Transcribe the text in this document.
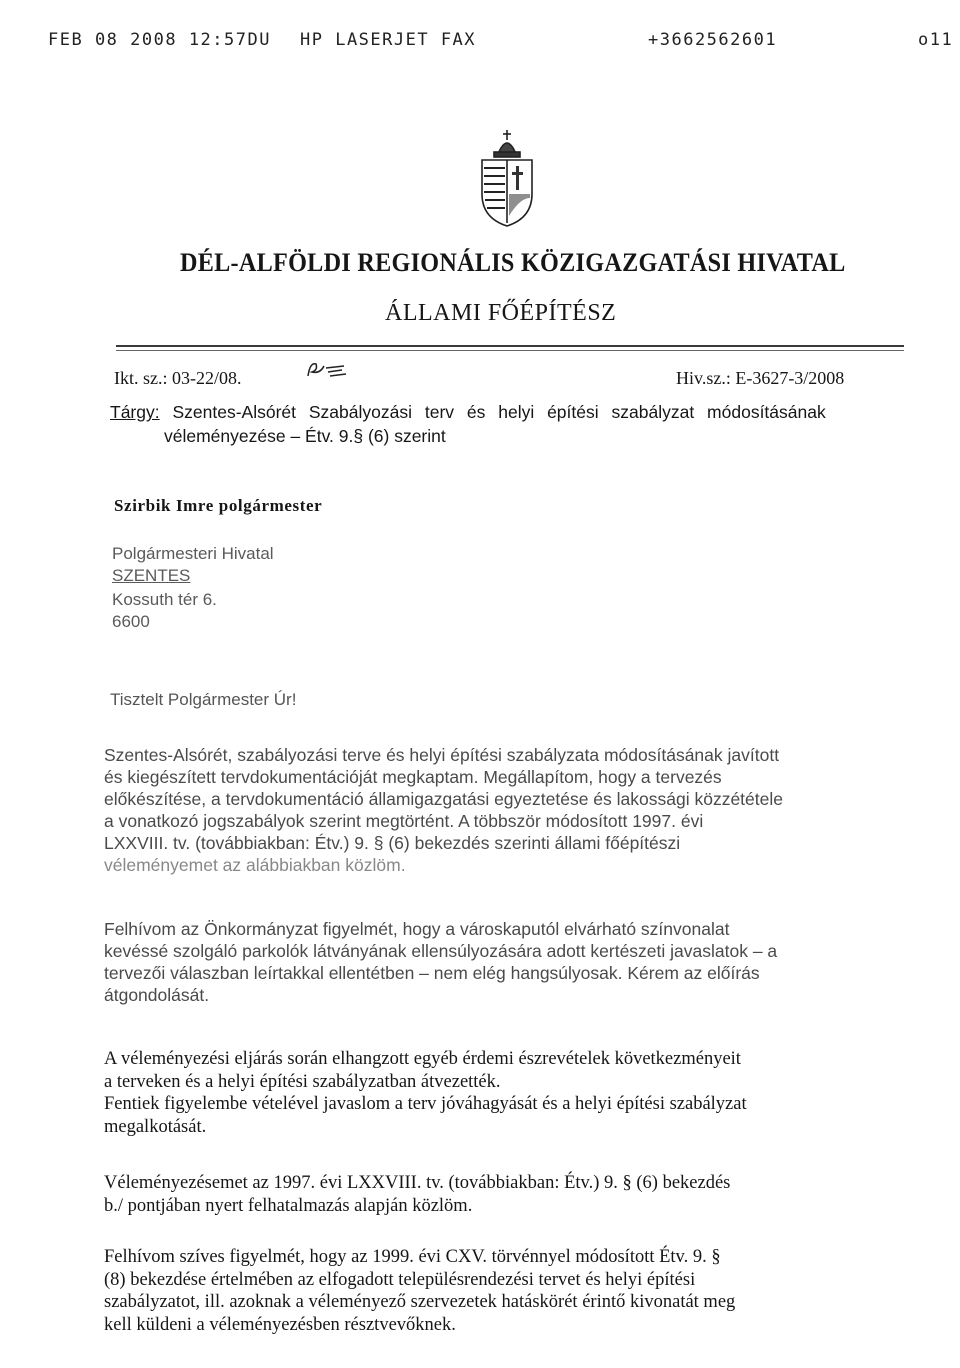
FEB 08 2008 12:57DU HP LASERJET FAX	+3662562601	o11
DÉL-ALFÖLDI REGIONÁLIS KÖZIGAZGATÁSI HIVATAL
ÁLLAMI FŐÉPÍTÉSZ
Ikt. sz.: 03-22/08.	Hiv.sz.: E-3627-3/2008
Tárgy: Szentes-Alsórét Szabályozási terv és helyi építési szabályzat módosításának
véleményezése – Étv. 9.§ (6) szerint
Szirbik Imre polgármester
Polgármesteri Hivatal
SZENTES
Kossuth tér 6.
6600
Tisztelt Polgármester Úr!
Szentes-Alsórét, szabályozási terve és helyi építési szabályzata módosításának javított
és kiegészített tervdokumentációját megkaptam. Megállapítom, hogy a tervezés
előkészítése, a tervdokumentáció államigazgatási egyeztetése és lakossági közzététele
a vonatkozó jogszabályok szerint megtörtént. A többször módosított 1997. évi
LXXVIII. tv. (továbbiakban: Étv.) 9. § (6) bekezdés szerinti állami főépítészi
véleményemet az alábbiakban közlöm.
Felhívom az Önkormányzat figyelmét, hogy a városkaputól elvárható színvonalat
kevéssé szolgáló parkolók látványának ellensúlyozására adott kertészeti javaslatok – a
tervezői válaszban leírtakkal ellentétben – nem elég hangsúlyosak. Kérem az előírás
átgondolását.
A véleményezési eljárás során elhangzott egyéb érdemi észrevételek következményeit
a terveken és a helyi építési szabályzatban átvezették.
Fentiek figyelembe vételével javaslom a terv jóváhagyását és a helyi építési szabályzat
megalkotását.
Véleményezésemet az 1997. évi LXXVIII. tv. (továbbiakban: Étv.) 9. § (6) bekezdés
b./ pontjában nyert felhatalmazás alapján közlöm.
Felhívom szíves figyelmét, hogy az 1999. évi CXV. törvénnyel módosított Étv. 9. §
(8) bekezdése értelmében az elfogadott településrendezési tervet és helyi építési
szabályzatot, ill. azoknak a véleményező szervezetek hatáskörét érintő kivonatát meg
kell küldeni a véleményezésben résztvevőknek.
